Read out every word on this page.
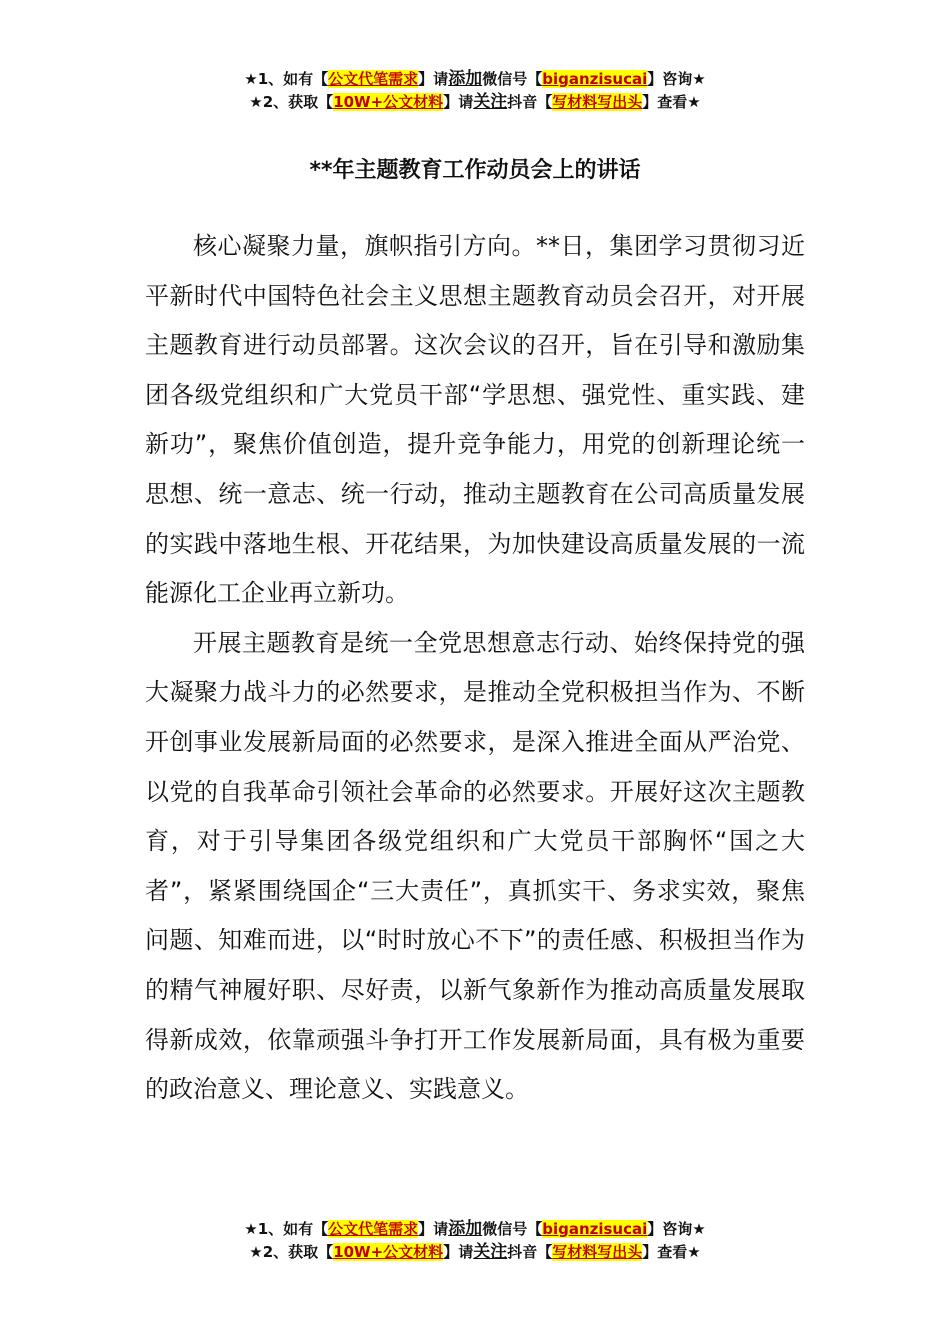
★1、如有【公文代笔需求】请添加微信号【biganzisucai】咨询★
★2、获取【10W+公文材料】请关注抖音【写材料写出头】查看★
**年主题教育工作动员会上的讲话

核心凝聚力量，旗帜指引方向。**日，集团学习贯彻习近平新时代中国特色社会主义思想主题教育动员会召开，对开展主题教育进行动员部署。这次会议的召开，旨在引导和激励集团各级党组织和广大党员干部“学思想、强党性、重实践、建新功”，聚焦价值创造，提升竞争能力，用党的创新理论统一思想、统一意志、统一行动，推动主题教育在公司高质量发展的实践中落地生根、开花结果，为加快建设高质量发展的一流能源化工企业再立新功。

开展主题教育是统一全党思想意志行动、始终保持党的强大凝聚力战斗力的必然要求，是推动全党积极担当作为、不断开创事业发展新局面的必然要求，是深入推进全面从严治党、以党的自我革命引领社会革命的必然要求。开展好这次主题教育，对于引导集团各级党组织和广大党员干部胸怀“国之大者”，紧紧围绕国企“三大责任”，真抓实干、务求实效，聚焦问题、知难而进，以“时时放心不下”的责任感、积极担当作为的精气神履好职、尽好责，以新气象新作为推动高质量发展取得新成效，依靠顽强斗争打开工作发展新局面，具有极为重要的政治意义、理论意义、实践意义。

★1、如有【公文代笔需求】请添加微信号【biganzisucai】咨询★
★2、获取【10W+公文材料】请关注抖音【写材料写出头】查看★
